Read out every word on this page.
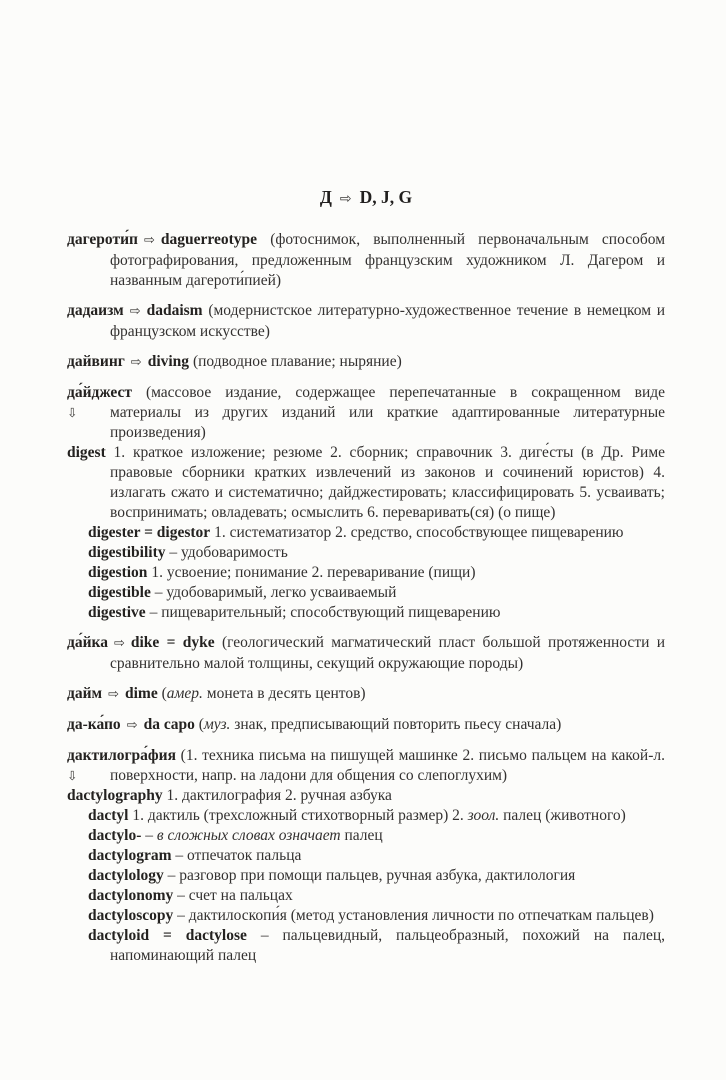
Д ⇨ D, J, G

дагероти́п ⇨ daguerreotype (фотоснимок, выполненный первоначальным способом фотографирования, предложенным французским художником Л. Дагером и названным дагероти́пией)

дадаизм ⇨ dadaism (модернистское литературно-художественное течение в немецком и французском искусстве)

дайвинг ⇨ diving (подводное плавание; ныряние)

⇩
да́йджест (массовое издание, содержащее перепечатанные в сокращенном виде материалы из других изданий или краткие адаптированные литературные произведения)

digest 1. краткое изложение; резюме 2. сборник; справочник 3. диге́сты (в Др. Риме правовые сборники кратких извлечений из законов и сочинений юристов) 4. излагать сжато и систематично; дайджестировать; классифицировать 5. усваивать; воспринимать; овладевать; осмыслить 6. переваривать(ся) (о пище)

digester = digestor 1. систематизатор 2. средство, способствующее пищеварению

digestibility – удобоваримость

digestion 1. усвоение; понимание 2. переваривание (пищи)

digestible – удобоваримый, легко усваиваемый

digestive – пищеварительный; способствующий пищеварению

да́йка ⇨ dike = dyke (геологический магматический пласт большой протяженности и сравнительно малой толщины, секущий окружающие породы)

дайм ⇨ dime (амер. монета в десять центов)

да-ка́по ⇨ da capo (муз. знак, предписывающий повторить пьесу сначала)

⇩
дактилогра́фия (1. техника письма на пишущей машинке 2. письмо пальцем на какой-л. поверхности, напр. на ладони для общения со слепоглухим)

dactylography 1. дактилография 2. ручная азбука

dactyl 1. дактиль (трехсложный стихотворный размер) 2. зоол. палец (животного)

dactylo- – в сложных словах означает палец

dactylogram – отпечаток пальца

dactylology – разговор при помощи пальцев, ручная азбука, дактилология

dactylonomy – счет на пальцах

dactyloscopy – дактилоскопи́я (метод установления личности по отпечаткам пальцев)

dactyloid = dactylose – пальцевидный, пальцеобразный, похожий на палец, напоминающий палец
